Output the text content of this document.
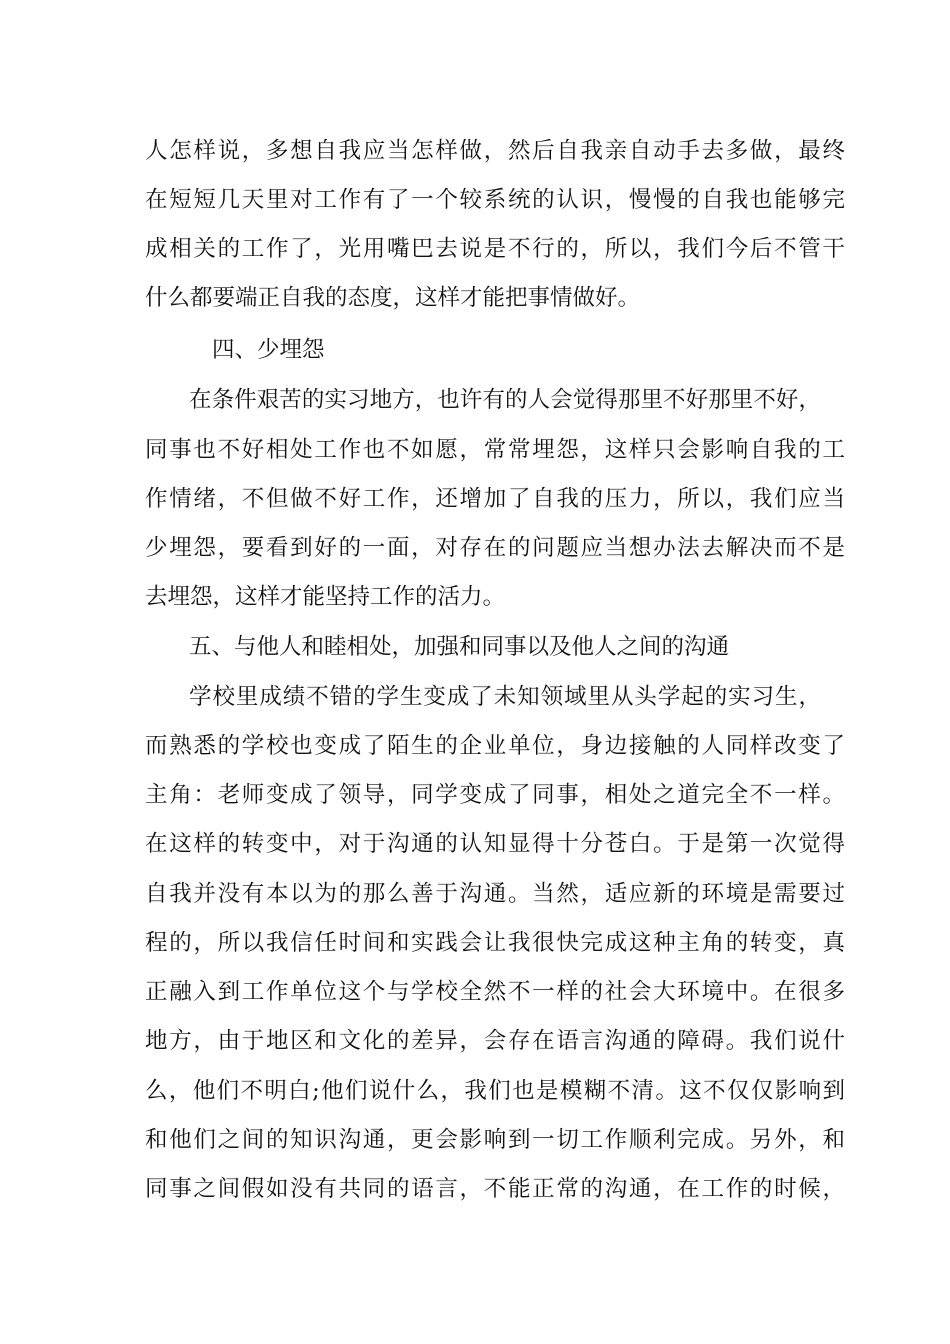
人怎样说，多想自我应当怎样做，然后自我亲自动手去多做，最终
在短短几天里对工作有了一个较系统的认识，慢慢的自我也能够完
成相关的工作了，光用嘴巴去说是不行的，所以，我们今后不管干
什么都要端正自我的态度，这样才能把事情做好。
四、少埋怨
在条件艰苦的实习地方，也许有的人会觉得那里不好那里不好，
同事也不好相处工作也不如愿，常常埋怨，这样只会影响自我的工
作情绪，不但做不好工作，还增加了自我的压力，所以，我们应当
少埋怨，要看到好的一面，对存在的问题应当想办法去解决而不是
去埋怨，这样才能坚持工作的活力。
五、与他人和睦相处，加强和同事以及他人之间的沟通
学校里成绩不错的学生变成了未知领域里从头学起的实习生，
而熟悉的学校也变成了陌生的企业单位，身边接触的人同样改变了
主角：老师变成了领导，同学变成了同事，相处之道完全不一样。
在这样的转变中，对于沟通的认知显得十分苍白。于是第一次觉得
自我并没有本以为的那么善于沟通。当然，适应新的环境是需要过
程的，所以我信任时间和实践会让我很快完成这种主角的转变，真
正融入到工作单位这个与学校全然不一样的社会大环境中。在很多
地方，由于地区和文化的差异，会存在语言沟通的障碍。我们说什
么，他们不明白;他们说什么，我们也是模糊不清。这不仅仅影响到
和他们之间的知识沟通，更会影响到一切工作顺利完成。另外，和
同事之间假如没有共同的语言，不能正常的沟通，在工作的时候，
